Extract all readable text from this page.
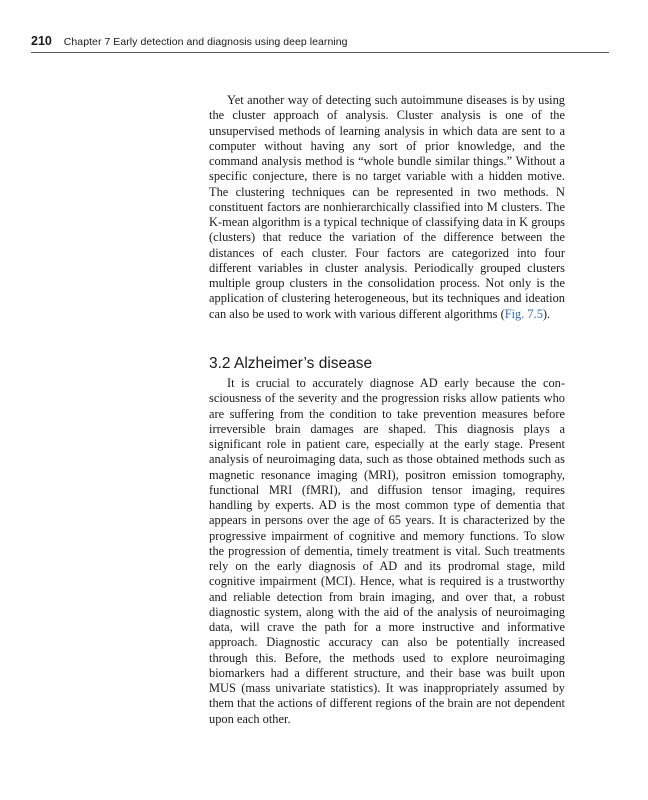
210 Chapter 7 Early detection and diagnosis using deep learning

Yet another way of detecting such autoimmune diseases is by using the cluster approach of analysis. Cluster analysis is one of the unsupervised methods of learning analysis in which data are sent to a computer without having any sort of prior knowledge, and the command analysis method is “whole bundle similar things.” Without a specific conjecture, there is no target variable with a hidden motive. The clustering techniques can be represented in two methods. N constituent factors are nonhierarchically classified into M clusters. The K-mean algorithm is a typical technique of classifying data in K groups (clusters) that reduce the variation of the difference between the distances of each cluster. Four factors are categorized into four different variables in cluster analysis. Periodically grouped clusters multiple group clusters in the consolidation process. Not only is the application of clustering heterogeneous, but its techniques and ideation can also be used to work with various different algorithms (Fig. 7.5).

3.2 Alzheimer’s disease

It is crucial to accurately diagnose AD early because the consciousness of the severity and the progression risks allow patients who are suffering from the condition to take prevention measures before irreversible brain damages are shaped. This diagnosis plays a significant role in patient care, especially at the early stage. Present analysis of neuroimaging data, such as those obtained methods such as magnetic resonance imaging (MRI), positron emission tomography, functional MRI (fMRI), and diffusion tensor imaging, requires handling by experts. AD is the most common type of dementia that appears in persons over the age of 65 years. It is characterized by the progressive impairment of cognitive and memory functions. To slow the progression of dementia, timely treatment is vital. Such treatments rely on the early diagnosis of AD and its prodromal stage, mild cognitive impairment (MCI). Hence, what is required is a trustworthy and reliable detection from brain imaging, and over that, a robust diagnostic system, along with the aid of the analysis of neuroimaging data, will crave the path for a more instructive and informative approach. Diagnostic accuracy can also be potentially increased through this. Before, the methods used to explore neuroimaging biomarkers had a different structure, and their base was built upon MUS (mass univariate statistics). It was inappropriately assumed by them that the actions of different regions of the brain are not dependent upon each other.
